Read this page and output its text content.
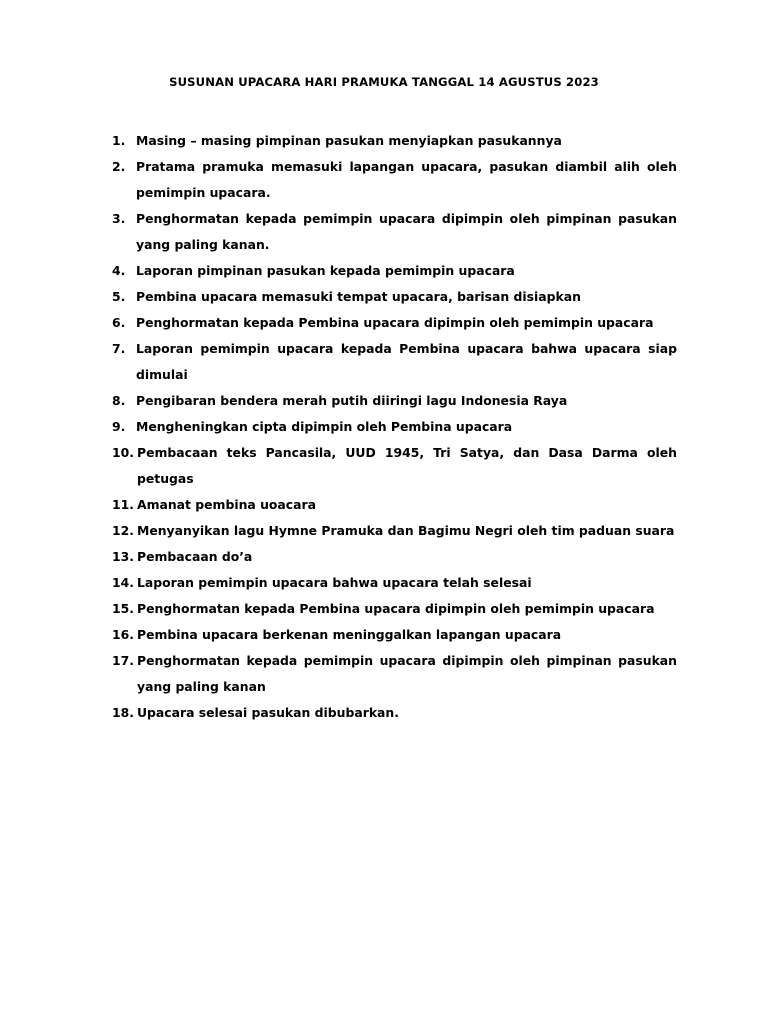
SUSUNAN UPACARA HARI PRAMUKA TANGGAL 14 AGUSTUS 2023
1. Masing – masing pimpinan pasukan menyiapkan pasukannya
2. Pratama pramuka memasuki lapangan upacara, pasukan diambil alih oleh pemimpin upacara.
3. Penghormatan kepada pemimpin upacara dipimpin oleh pimpinan pasukan yang paling kanan.
4. Laporan pimpinan pasukan kepada pemimpin upacara
5. Pembina upacara memasuki tempat upacara, barisan disiapkan
6. Penghormatan kepada Pembina upacara dipimpin oleh pemimpin upacara
7. Laporan pemimpin upacara kepada Pembina upacara bahwa upacara siap dimulai
8. Pengibaran bendera merah putih diiringi lagu Indonesia Raya
9. Mengheningkan cipta dipimpin oleh Pembina upacara
10. Pembacaan teks Pancasila, UUD 1945, Tri Satya, dan Dasa Darma oleh petugas
11. Amanat pembina uoacara
12. Menyanyikan lagu Hymne Pramuka dan Bagimu Negri oleh tim paduan suara
13. Pembacaan do’a
14. Laporan pemimpin upacara bahwa upacara telah selesai
15. Penghormatan kepada Pembina upacara dipimpin oleh pemimpin upacara
16. Pembina upacara berkenan meninggalkan lapangan upacara
17. Penghormatan kepada pemimpin upacara dipimpin oleh pimpinan pasukan yang paling kanan
18. Upacara selesai pasukan dibubarkan.
